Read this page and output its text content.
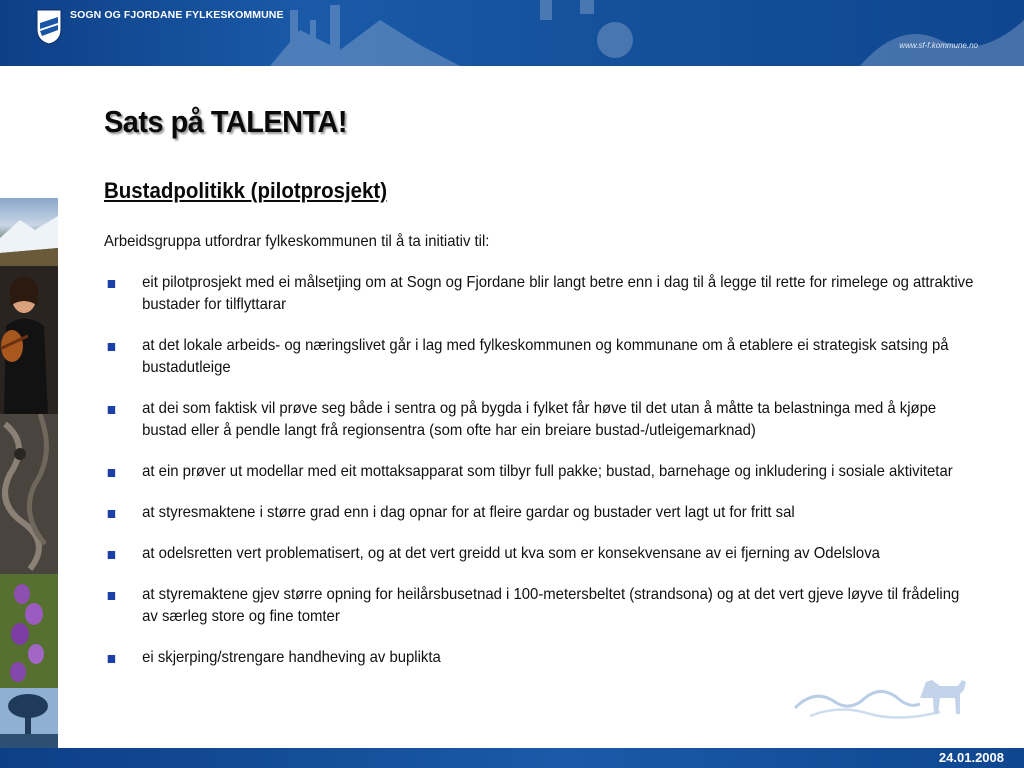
SOGN OG FJORDANE FYLKESKOMMUNE
www.sf-f.kommune.no
Sats på TALENTA!
Bustadpolitikk (pilotprosjekt)
Arbeidsgruppa utfordrar fylkeskommunen til å ta initiativ til:
eit pilotprosjekt med ei målsetjing om at Sogn og Fjordane blir langt betre enn i dag til å legge til rette for rimelege og attraktive bustader for tilflyttarar
at det lokale arbeids- og næringslivet går i lag med fylkeskommunen og kommunane om å etablere ei strategisk satsing på bustadutleige
at dei som faktisk vil prøve seg både i sentra og på bygda i fylket får høve til det utan å måtte ta belastninga med å kjøpe bustad eller å pendle langt frå regionsentra (som ofte har ein breiare bustad-/utleigemarknad)
at ein prøver ut modellar med eit mottaksapparat som tilbyr full pakke; bustad, barnehage og inkludering i sosiale aktivitetar
at styresmaktene i større grad enn i dag opnar for at fleire gardar og bustader vert lagt ut for fritt sal
at odelsretten vert problematisert, og at det vert greidd ut kva som er konsekvensane av ei fjerning av Odelslova
at styremaktene gjev større opning for heilårsbusetnad i 100-metersbeltet (strandsona) og at det vert gjeve løyve til frådeling av særleg store og fine tomter
ei skjerping/strengare handheving av buplikta
24.01.2008
